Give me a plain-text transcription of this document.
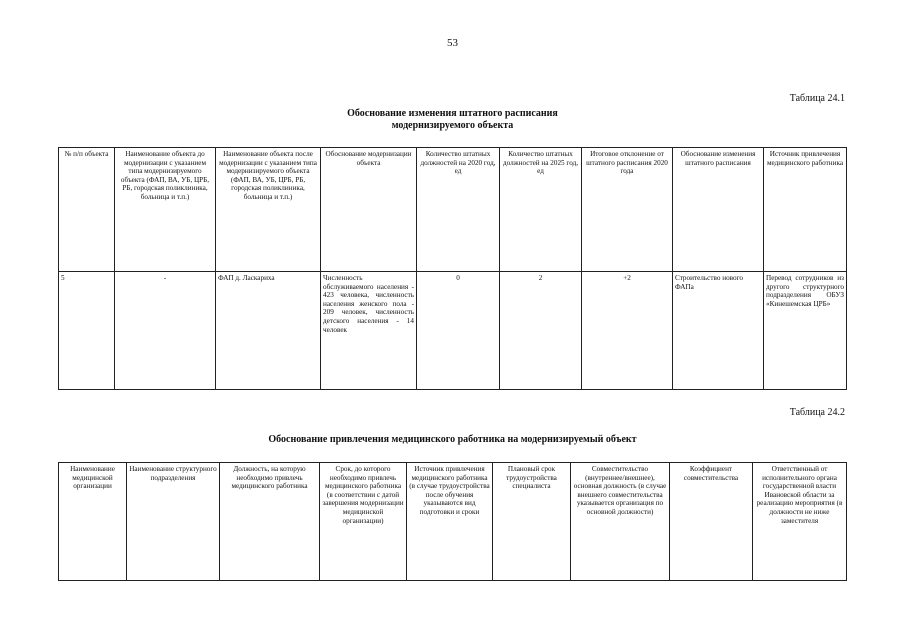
53
Таблица 24.1
Обоснование изменения штатного расписания
модернизируемого объекта
№ п/п объекта	Наименование объекта до модернизации с указанием типа модернизируемого объекта (ФАП, ВА, УБ, ЦРБ, РБ, городская поликлиника, больница и т.п.)	Наименование объекта после модернизации с указанием типа модернизируемого объекта (ФАП, ВА, УБ, ЦРБ, РБ, городская поликлиника, больница и т.п.)	Обоснование модернизации объекта	Количество штатных должностей на 2020 год, ед	Количество штатных должностей на 2025 год, ед	Итоговое отклонение от штатного расписания 2020 года	Обоснование изменения штатного расписания	Источник привлечения медицинского работника
5	-	ФАП д. Ласкариха	Численность обслуживаемого населения - 423 человека, численность населения женского пола - 209 человек, численность детского населения - 14 человек	0	2	+2	Строительство нового ФАПа	Перевод сотрудников из другого структурного подразделения ОБУЗ «Кинешемская ЦРБ»
Таблица 24.2
Обоснование привлечения медицинского работника на модернизируемый объект
Наименование медицинской организации	Наименование структурного подразделения	Должность, на которую необходимо привлечь медицинского работника	Срок, до которого необходимо привлечь медицинского работника (в соответствии с датой завершения модернизации медицинской организации)	Источник привлечения медицинского работника (в случае трудоустройства после обучения указываются вид подготовки и сроки	Плановый срок трудоустройства специалиста	Совместительство (внутреннее/внешнее), основная должность (в случае внешнего совместительства указывается организация по основной должности)	Коэффициент совместительства	Ответственный от исполнительного органа государственной власти Ивановской области за реализацию мероприятия (в должности не ниже заместителя
